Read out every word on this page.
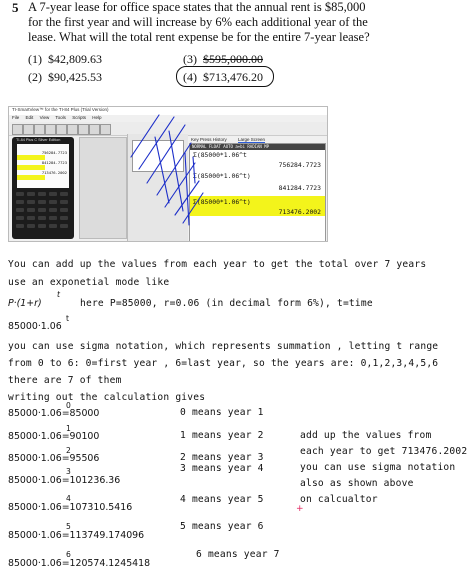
5 A 7-year lease for office space states that the annual rent is $85,000
for the first year and will increase by 6% each additional year of the
lease. What will the total rent expense be for the entire 7-year lease?
(1) $42,809.63
(2) $90,425.53
(3) $595,000.00
(4) $713,476.20
TI-SmartView™ for the TI-84 Plus (Trial Version)
File Edit View Tools Scripts Help
TI-84 Plus C Silver Edition
756284.7723
841284.7723
713476.2002
Key Press History	Large Screen
NORMAL FLOAT AUTO a+bi RADIAN MP
Σ(85000*1.06^t
756284.7723
Σ(85000*1.06^t)
841284.7723
Σ(85000*1.06^t)
713476.2002
You can add up the values from each year to get the total over 7 years
use an exponetial mode like
P·(1+r)
t
here P=85000, r=0.06 (in decimal form 6%), t=time
85000·1.06
t
you can use sigma notation, which represents summation , letting t range
from 0 to 6: 0=first year , 6=last year, so the years are: 0,1,2,3,4,5,6
there are 7 of them
writing out the calculation gives
85000·1.06=85000
0
0 means year 1
85000·1.06=90100
1
1 means year 2
85000·1.06=95506
2
2 means year 3
85000·1.06=101236.36
3	3 means year 4
85000·1.06=107310.5416
4	4 means year 5
85000·1.06=113749.174096
5	5 means year 6
85000·1.06=120574.1245418
6	6 means year 7
add up the values from
each year to get 713476.2002
you can use sigma notation
also as shown above
on calcualtor
+
